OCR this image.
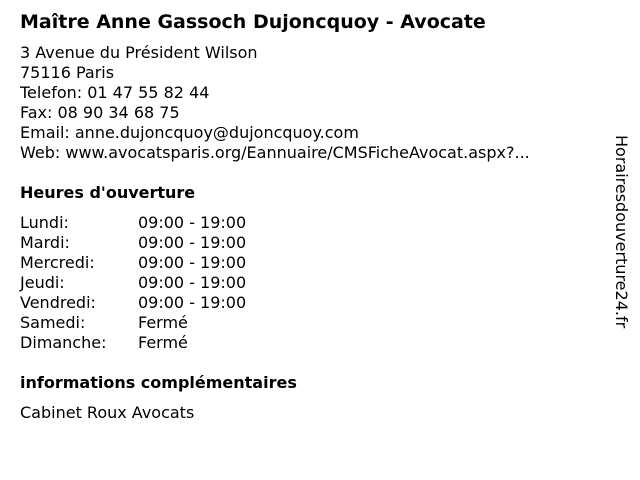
Maître Anne Gassoch Dujoncquoy - Avocate
3 Avenue du Président Wilson
75116 Paris
Telefon: 01 47 55 82 44
Fax: 08 90 34 68 75
Email: anne.dujoncquoy@dujoncquoy.com
Web: www.avocatsparis.org/Eannuaire/CMSFicheAvocat.aspx?...
Heures d'ouverture
Lundi:	09:00 - 19:00
Mardi:	09:00 - 19:00
Mercredi:	09:00 - 19:00
Jeudi:	09:00 - 19:00
Vendredi:	09:00 - 19:00
Samedi:	Fermé
Dimanche: Fermé
informations complémentaires
Cabinet Roux Avocats
Horairesdouverture24.fr
